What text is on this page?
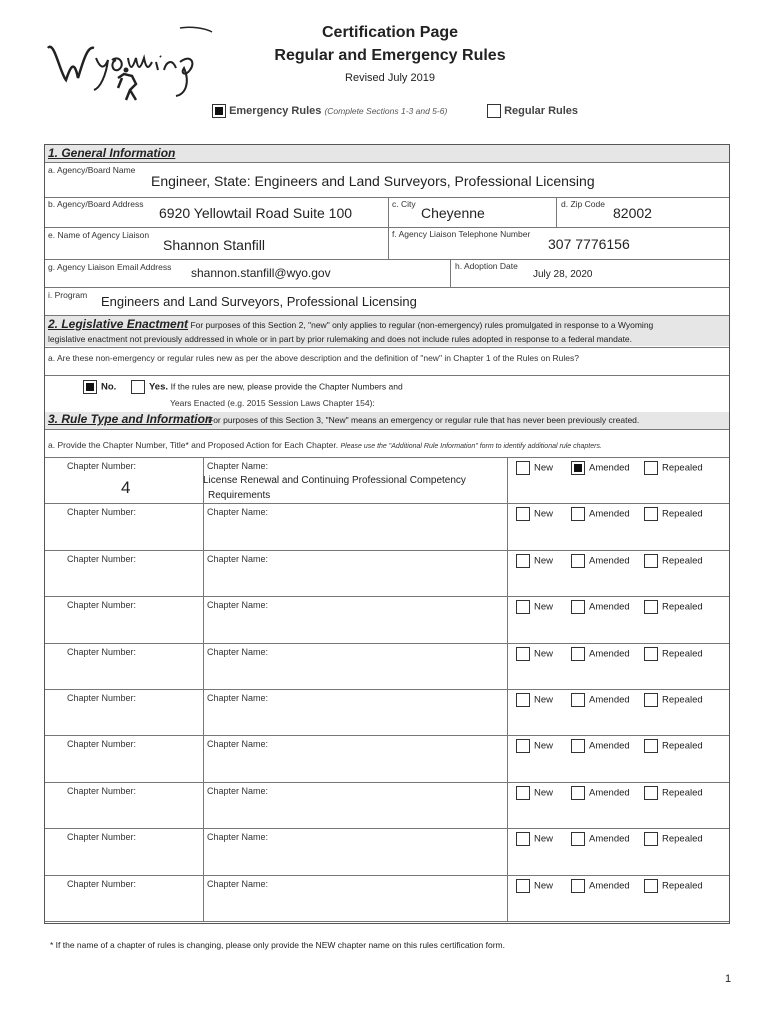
Certification Page
Regular and Emergency Rules
Revised July 2019
Emergency Rules (Complete Sections 1-3 and 5-6)	Regular Rules
1. General Information
a. Agency/Board Name
Engineer, State: Engineers and Land Surveyors, Professional Licensing
b. Agency/Board Address
6920 Yellowtail Road Suite 100
c. City
Cheyenne
d. Zip Code
82002
e. Name of Agency Liaison
Shannon Stanfill
f. Agency Liaison Telephone Number
307 7776156
g. Agency Liaison Email Address shannon.stanfill@wyo.gov	h. Adoption Date
July 28, 2020
i. Program Engineers and Land Surveyors, Professional Licensing
2. Legislative Enactment For purposes of this Section 2, "new" only applies to regular (non-emergency) rules promulgated in response to a Wyoming
legislative enactment not previously addressed in whole or in part by prior rulemaking and does not include rules adopted in response to a federal mandate.
a. Are these non-emergency or regular rules new as per the above description and the definition of "new" in Chapter 1 of the Rules on Rules?
No.	Yes. If the rules are new, please provide the Chapter Numbers and
Years Enacted (e.g. 2015 Session Laws Chapter 154):
3. Rule Type and Information
For purposes of this Section 3, "New" means an emergency or regular rule that has never been previously created.
a. Provide the Chapter Number, Title* and Proposed Action for Each Chapter. Please use the "Additional Rule Information" form to identify additional rule chapters.
Chapter Number:
4
Chapter Name:
License Renewal and Continuing Professional Competency
Requirements
New	Amended	Repealed
Chapter Number:	Chapter Name:	New	Amended	Repealed
Chapter Number:	Chapter Name:	New	Amended	Repealed
Chapter Number:	Chapter Name:	New	Amended	Repealed
Chapter Number:	Chapter Name:	New	Amended	Repealed
Chapter Number:	Chapter Name:	New	Amended	Repealed
Chapter Number:	Chapter Name:	New	Amended	Repealed
Chapter Number:	Chapter Name:	New	Amended	Repealed
Chapter Number:	Chapter Name:	New	Amended	Repealed
Chapter Number:	Chapter Name:	New	Amended	Repealed
* If the name of a chapter of rules is changing, please only provide the NEW chapter name on this rules certification form.
1
